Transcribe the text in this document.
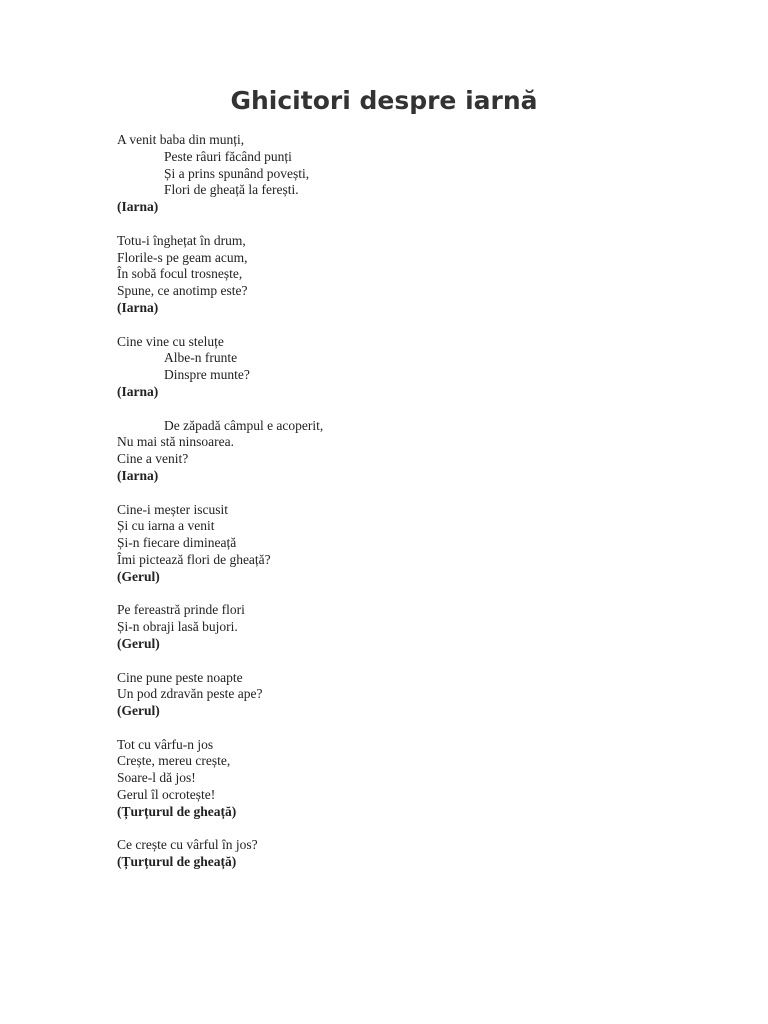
Ghicitori despre iarnă
A venit baba din munți,
Peste râuri făcând punți
Și a prins spunând povești,
Flori de gheață la ferești.
(Iarna)
Totu-i înghețat în drum,
Florile-s pe geam acum,
În sobă focul trosnește,
Spune, ce anotimp este?
(Iarna)
Cine vine cu steluțe
Albe-n frunte
Dinspre munte?
(Iarna)
De zăpadă câmpul e acoperit,
Nu mai stă ninsoarea.
Cine a venit?
(Iarna)
Cine-i meșter iscusit
Și cu iarna a venit
Și-n fiecare dimineață
Îmi pictează flori de gheață?
(Gerul)
Pe fereastră prinde flori
Și-n obraji lasă bujori.
(Gerul)
Cine pune peste noapte
Un pod zdravăn peste ape?
(Gerul)
Tot cu vârfu-n jos
Crește, mereu crește,
Soare-l dă jos!
Gerul îl ocrotește!
(Țurțurul de gheață)
Ce crește cu vârful în jos?
(Țurțurul de gheață)
